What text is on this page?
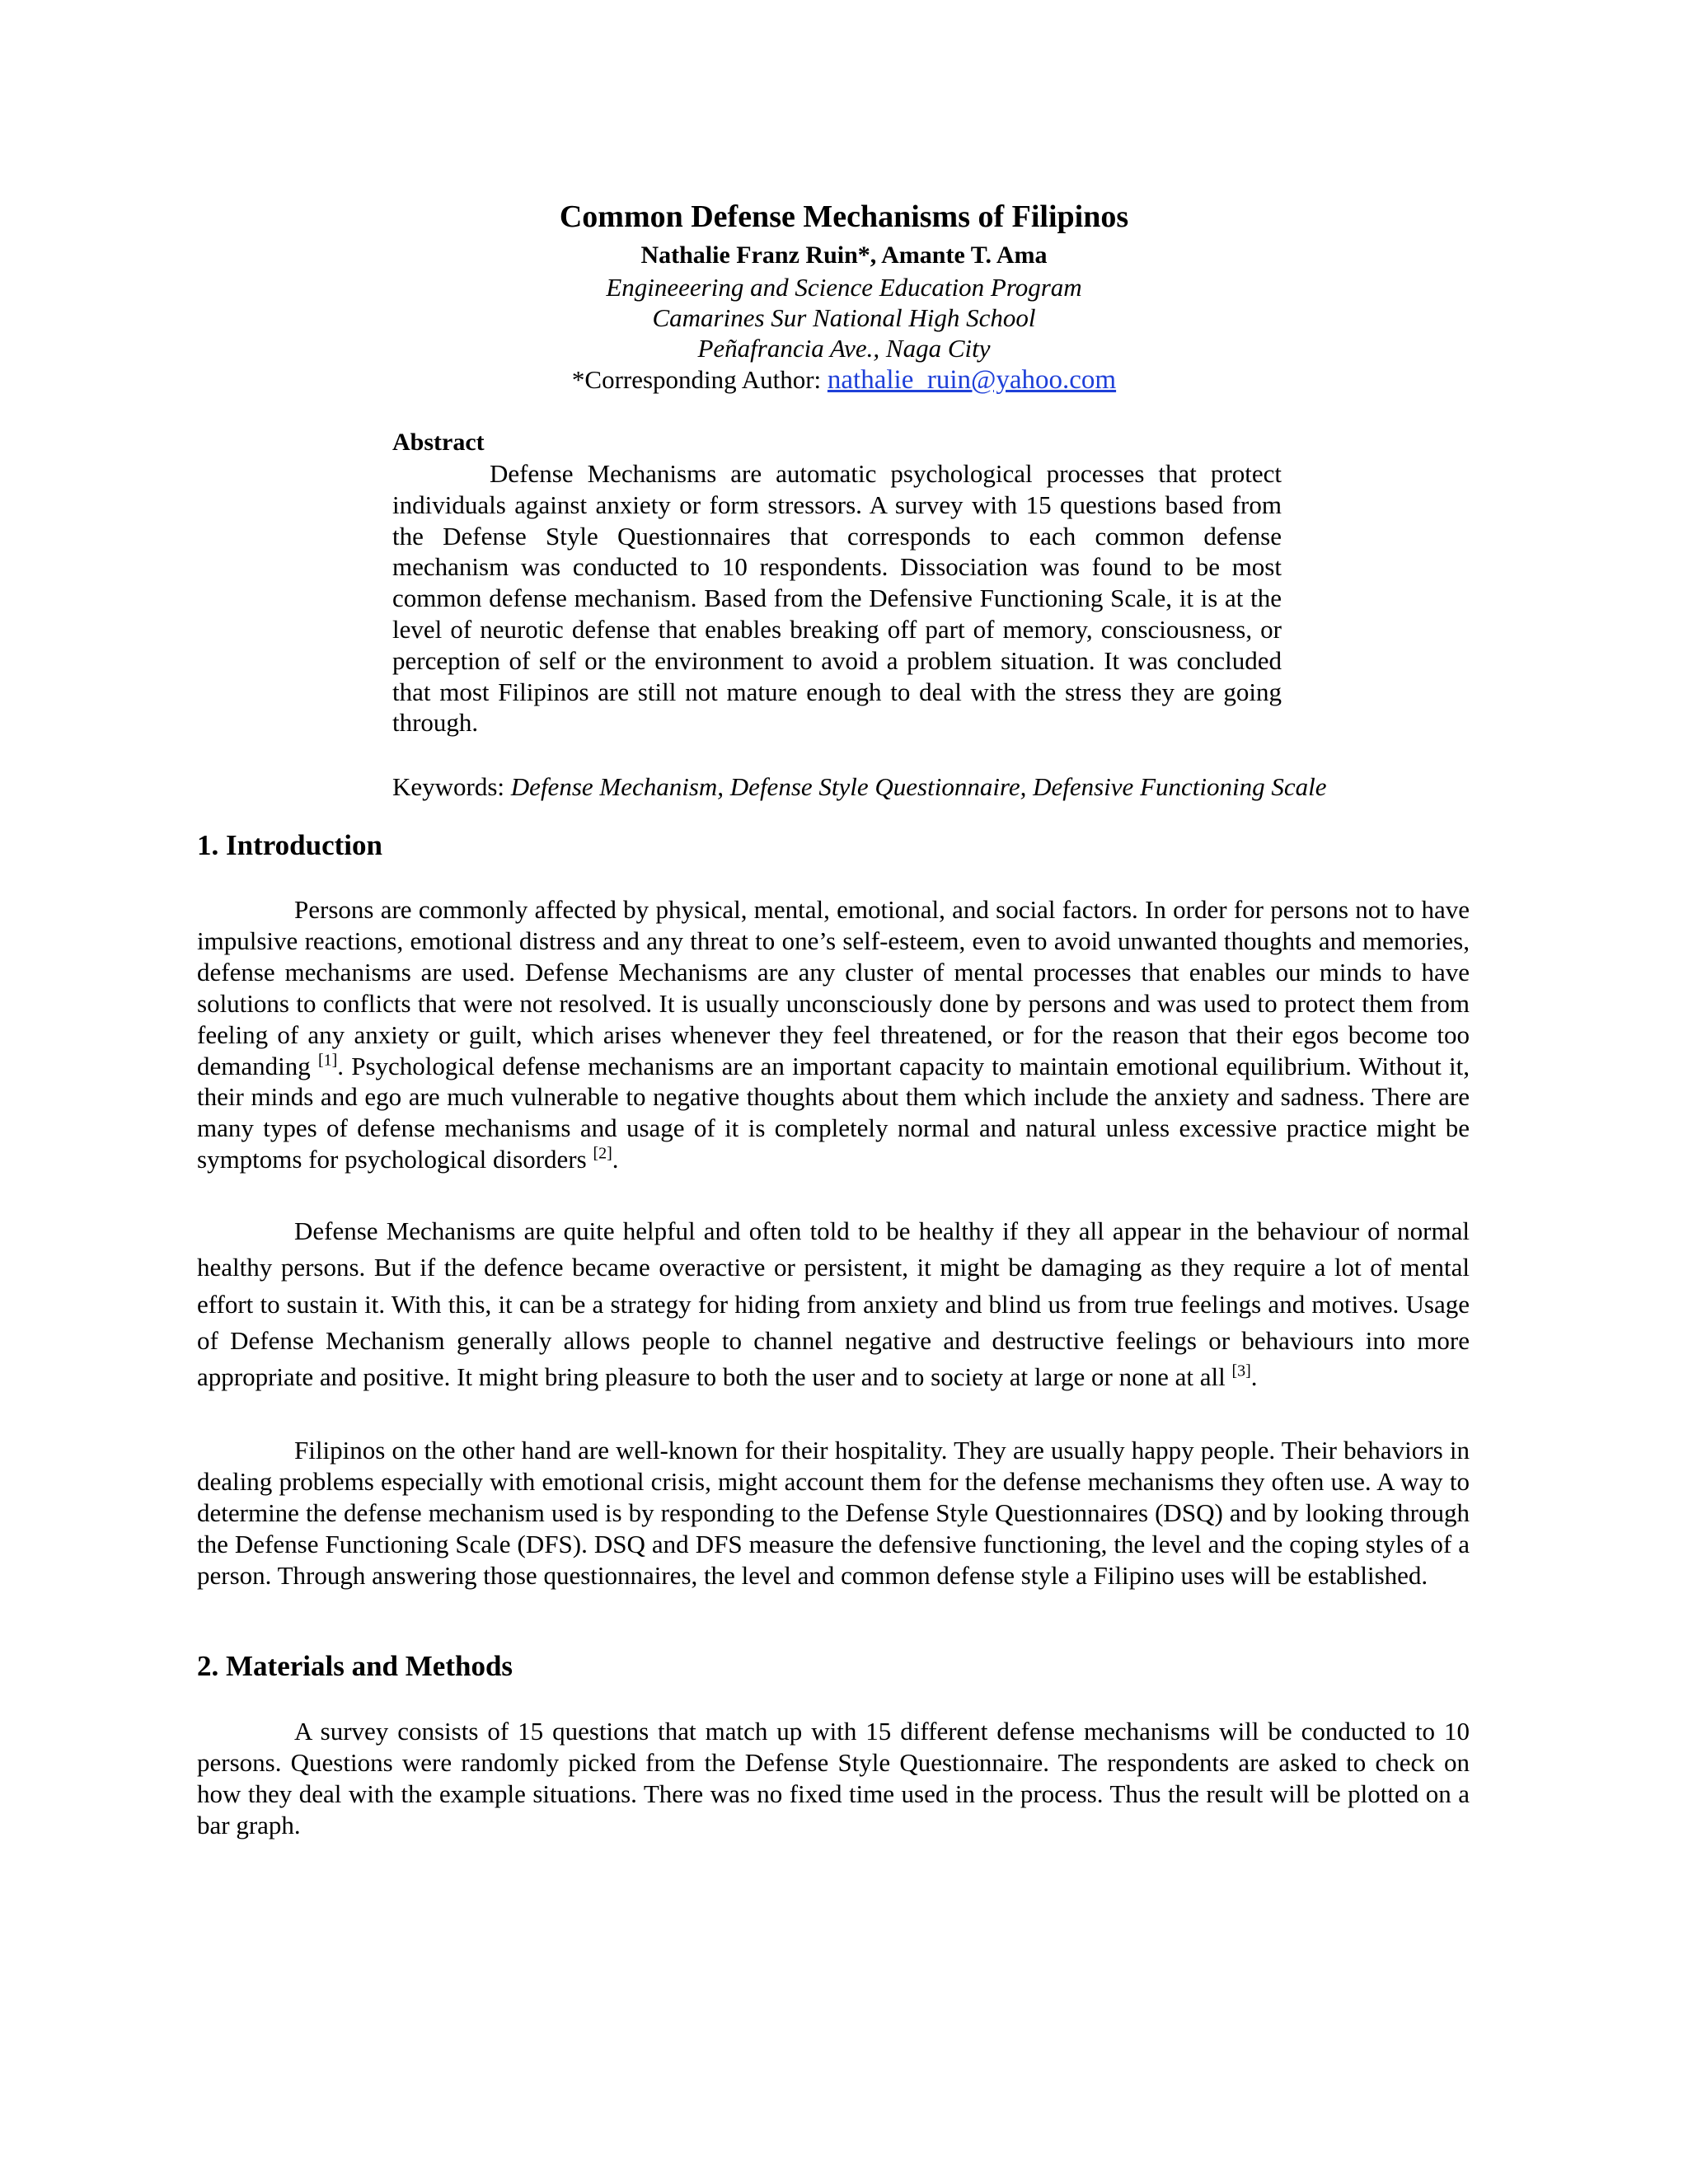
Common Defense Mechanisms of Filipinos

Nathalie Franz Ruin*, Amante T. Ama

Engineeering and Science Education Program

Camarines Sur National High School

Peñafrancia Ave., Naga City

*Corresponding Author: nathalie_ruin@yahoo.com

Abstract

Defense Mechanisms are automatic psychological processes that protect individuals against anxiety or form stressors. A survey with 15 questions based from the Defense Style Questionnaires that corresponds to each common defense mechanism was conducted to 10 respondents. Dissociation was found to be most common defense mechanism. Based from the Defensive Functioning Scale, it is at the level of neurotic defense that enables breaking off part of memory, consciousness, or perception of self or the environment to avoid a problem situation. It was concluded that most Filipinos are still not mature enough to deal with the stress they are going through.

Keywords: Defense Mechanism, Defense Style Questionnaire, Defensive Functioning Scale

1. Introduction

Persons are commonly affected by physical, mental, emotional, and social factors. In order for persons not to have impulsive reactions, emotional distress and any threat to one’s self-esteem, even to avoid unwanted thoughts and memories, defense mechanisms are used. Defense Mechanisms are any cluster of mental processes that enables our minds to have solutions to conflicts that were not resolved. It is usually unconsciously done by persons and was used to protect them from feeling of any anxiety or guilt, which arises whenever they feel threatened, or for the reason that their egos become too demanding [1]. Psychological defense mechanisms are an important capacity to maintain emotional equilibrium. Without it, their minds and ego are much vulnerable to negative thoughts about them which include the anxiety and sadness. There are many types of defense mechanisms and usage of it is completely normal and natural unless excessive practice might be symptoms for psychological disorders [2].

Defense Mechanisms are quite helpful and often told to be healthy if they all appear in the behaviour of normal healthy persons. But if the defence became overactive or persistent, it might be damaging as they require a lot of mental effort to sustain it. With this, it can be a strategy for hiding from anxiety and blind us from true feelings and motives. Usage of Defense Mechanism generally allows people to channel negative and destructive feelings or behaviours into more appropriate and positive. It might bring pleasure to both the user and to society at large or none at all [3].

Filipinos on the other hand are well-known for their hospitality. They are usually happy people. Their behaviors in dealing problems especially with emotional crisis, might account them for the defense mechanisms they often use. A way to determine the defense mechanism used is by responding to the Defense Style Questionnaires (DSQ) and by looking through the Defense Functioning Scale (DFS). DSQ and DFS measure the defensive functioning, the level and the coping styles of a person. Through answering those questionnaires, the level and common defense style a Filipino uses will be established.

2. Materials and Methods

A survey consists of 15 questions that match up with 15 different defense mechanisms will be conducted to 10 persons. Questions were randomly picked from the Defense Style Questionnaire. The respondents are asked to check on how they deal with the example situations. There was no fixed time used in the process. Thus the result will be plotted on a bar graph.
